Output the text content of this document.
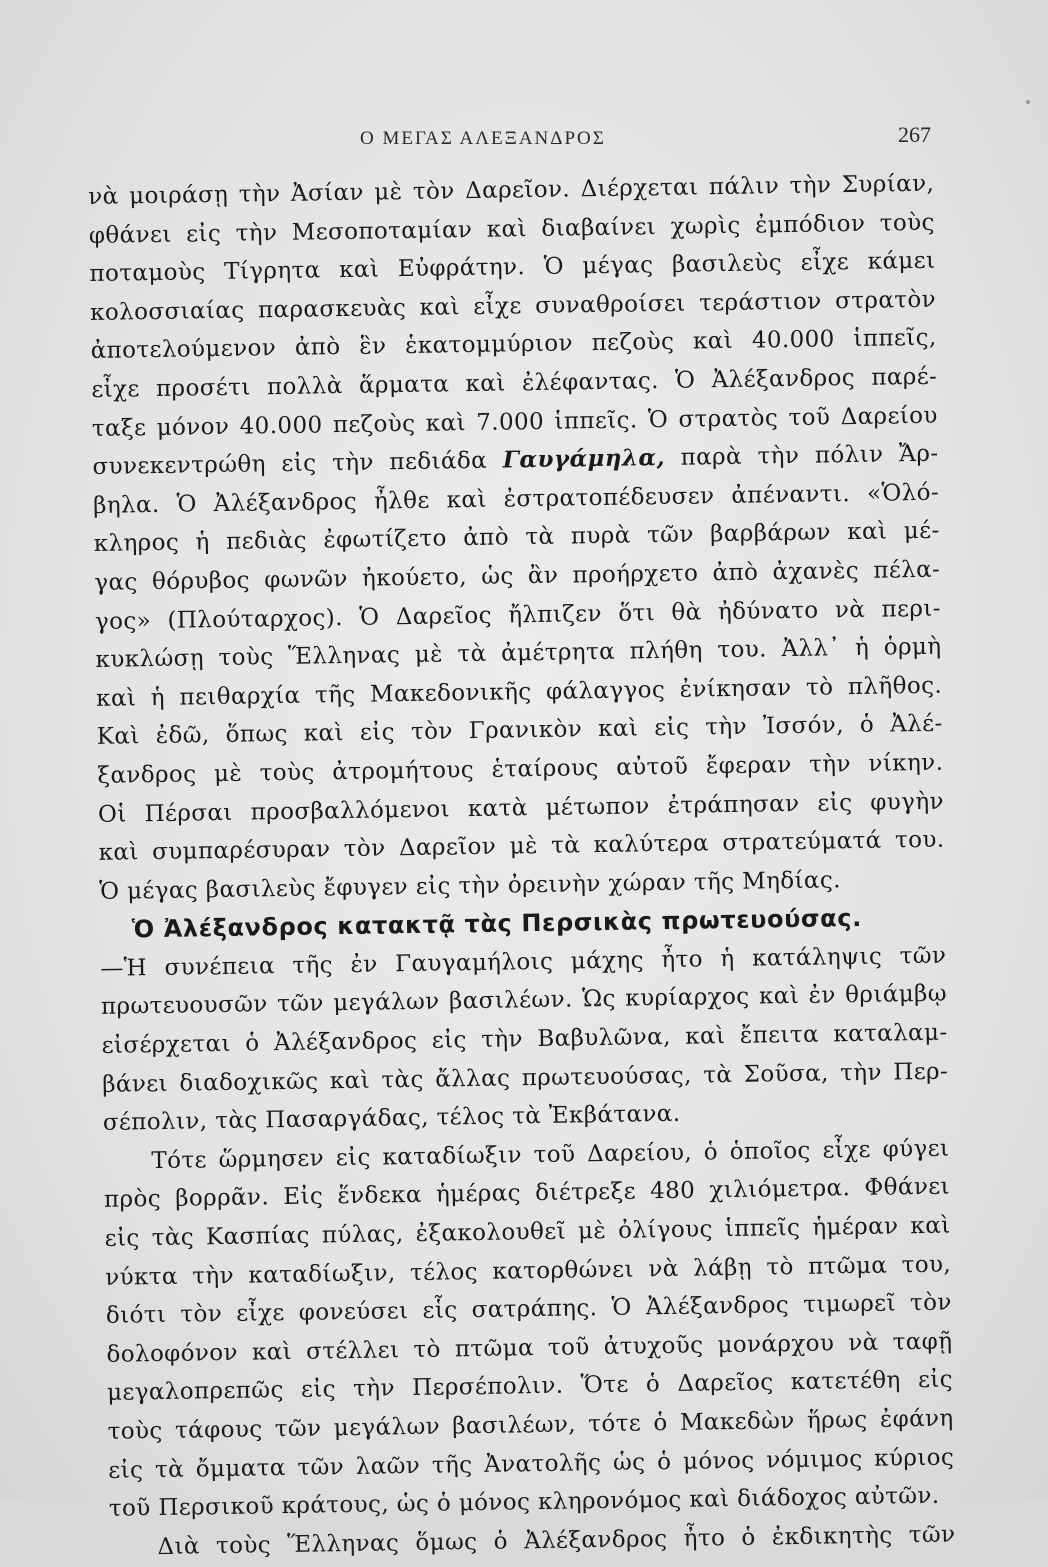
Ο ΜΕΓΑΣ ΑΛΕΞΑΝΔΡΟΣ	267
νὰ μοιράσῃ τὴν Ἀσίαν μὲ τὸν Δαρεῖον. Διέρχεται πάλιν τὴν Συρίαν,
φθάνει εἰς τὴν Μεσοποταμίαν καὶ διαβαίνει χωρὶς ἐμπόδιον τοὺς
ποταμοὺς Τίγρητα καὶ Εὐφράτην. Ὁ μέγας βασιλεὺς εἶχε κάμει
κολοσσιαίας παρασκευὰς καὶ εἶχε συναθροίσει τεράστιον στρατὸν
ἀποτελούμενον ἀπὸ ἓν ἑκατομμύριον πεζοὺς καὶ 40.000 ἱππεῖς,
εἶχε προσέτι πολλὰ ἅρματα καὶ ἐλέφαντας. Ὁ Ἀλέξανδρος παρέ-
ταξε μόνον 40.000 πεζοὺς καὶ 7.000 ἱππεῖς. Ὁ στρατὸς τοῦ Δαρείου
συνεκεντρώθη εἰς τὴν πεδιάδα Γαυγάμηλα, παρὰ τὴν πόλιν Ἄρ-
βηλα. Ὁ Ἀλέξανδρος ἦλθε καὶ ἐστρατοπέδευσεν ἀπέναντι. «Ὁλό-
κληρος ἡ πεδιὰς ἐφωτίζετο ἀπὸ τὰ πυρὰ τῶν βαρβάρων καὶ μέ-
γας θόρυβος φωνῶν ἠκούετο, ὡς ἂν προήρχετο ἀπὸ ἀχανὲς πέλα-
γος» (Πλούταρχος). Ὁ Δαρεῖος ἤλπιζεν ὅτι θὰ ἠδύνατο νὰ περι-
κυκλώσῃ τοὺς Ἕλληνας μὲ τὰ ἀμέτρητα πλήθη του. Ἀλλ᾽ ἡ ὁρμὴ
καὶ ἡ πειθαρχία τῆς Μακεδονικῆς φάλαγγος ἐνίκησαν τὸ πλῆθος.
Καὶ ἐδῶ, ὅπως καὶ εἰς τὸν Γρανικὸν καὶ εἰς τὴν Ἰσσόν, ὁ Ἀλέ-
ξανδρος μὲ τοὺς ἀτρομήτους ἑταίρους αὐτοῦ ἔφεραν τὴν νίκην.
Οἱ Πέρσαι προσβαλλόμενοι κατὰ μέτωπον ἐτράπησαν εἰς φυγὴν
καὶ συμπαρέσυραν τὸν Δαρεῖον μὲ τὰ καλύτερα στρατεύματά του.
Ὁ μέγας βασιλεὺς ἔφυγεν εἰς τὴν ὀρεινὴν χώραν τῆς Μηδίας.
Ὁ Ἀλέξανδρος κατακτᾷ τὰς Περσικὰς πρωτευούσας.
—Ἡ συνέπεια τῆς ἐν Γαυγαμήλοις μάχης ἦτο ἡ κατάληψις τῶν
πρωτευουσῶν τῶν μεγάλων βασιλέων. Ὡς κυρίαρχος καὶ ἐν θριάμβῳ
εἰσέρχεται ὁ Ἀλέξανδρος εἰς τὴν Βαβυλῶνα, καὶ ἔπειτα καταλαμ-
βάνει διαδοχικῶς καὶ τὰς ἄλλας πρωτευούσας, τὰ Σοῦσα, τὴν Περ-
σέπολιν, τὰς Πασαργάδας, τέλος τὰ Ἐκβάτανα.
Τότε ὥρμησεν εἰς καταδίωξιν τοῦ Δαρείου, ὁ ὁποῖος εἶχε φύγει
πρὸς βορρᾶν. Εἰς ἕνδεκα ἡμέρας διέτρεξε 480 χιλιόμετρα. Φθάνει
εἰς τὰς Κασπίας πύλας, ἐξακολουθεῖ μὲ ὀλίγους ἱππεῖς ἡμέραν καὶ
νύκτα τὴν καταδίωξιν, τέλος κατορθώνει νὰ λάβῃ τὸ πτῶμα του,
διότι τὸν εἶχε φονεύσει εἷς σατράπης. Ὁ Ἀλέξανδρος τιμωρεῖ τὸν
δολοφόνον καὶ στέλλει τὸ πτῶμα τοῦ ἀτυχοῦς μονάρχου νὰ ταφῇ
μεγαλοπρεπῶς εἰς τὴν Περσέπολιν. Ὅτε ὁ Δαρεῖος κατετέθη εἰς
τοὺς τάφους τῶν μεγάλων βασιλέων, τότε ὁ Μακεδὼν ἥρως ἐφάνη
εἰς τὰ ὄμματα τῶν λαῶν τῆς Ἀνατολῆς ὡς ὁ μόνος νόμιμος κύριος
τοῦ Περσικοῦ κράτους, ὡς ὁ μόνος κληρονόμος καὶ διάδοχος αὐτῶν.
Διὰ τοὺς Ἕλληνας ὅμως ὁ Ἀλέξανδρος ἦτο ὁ ἐκδικητὴς τῶν
